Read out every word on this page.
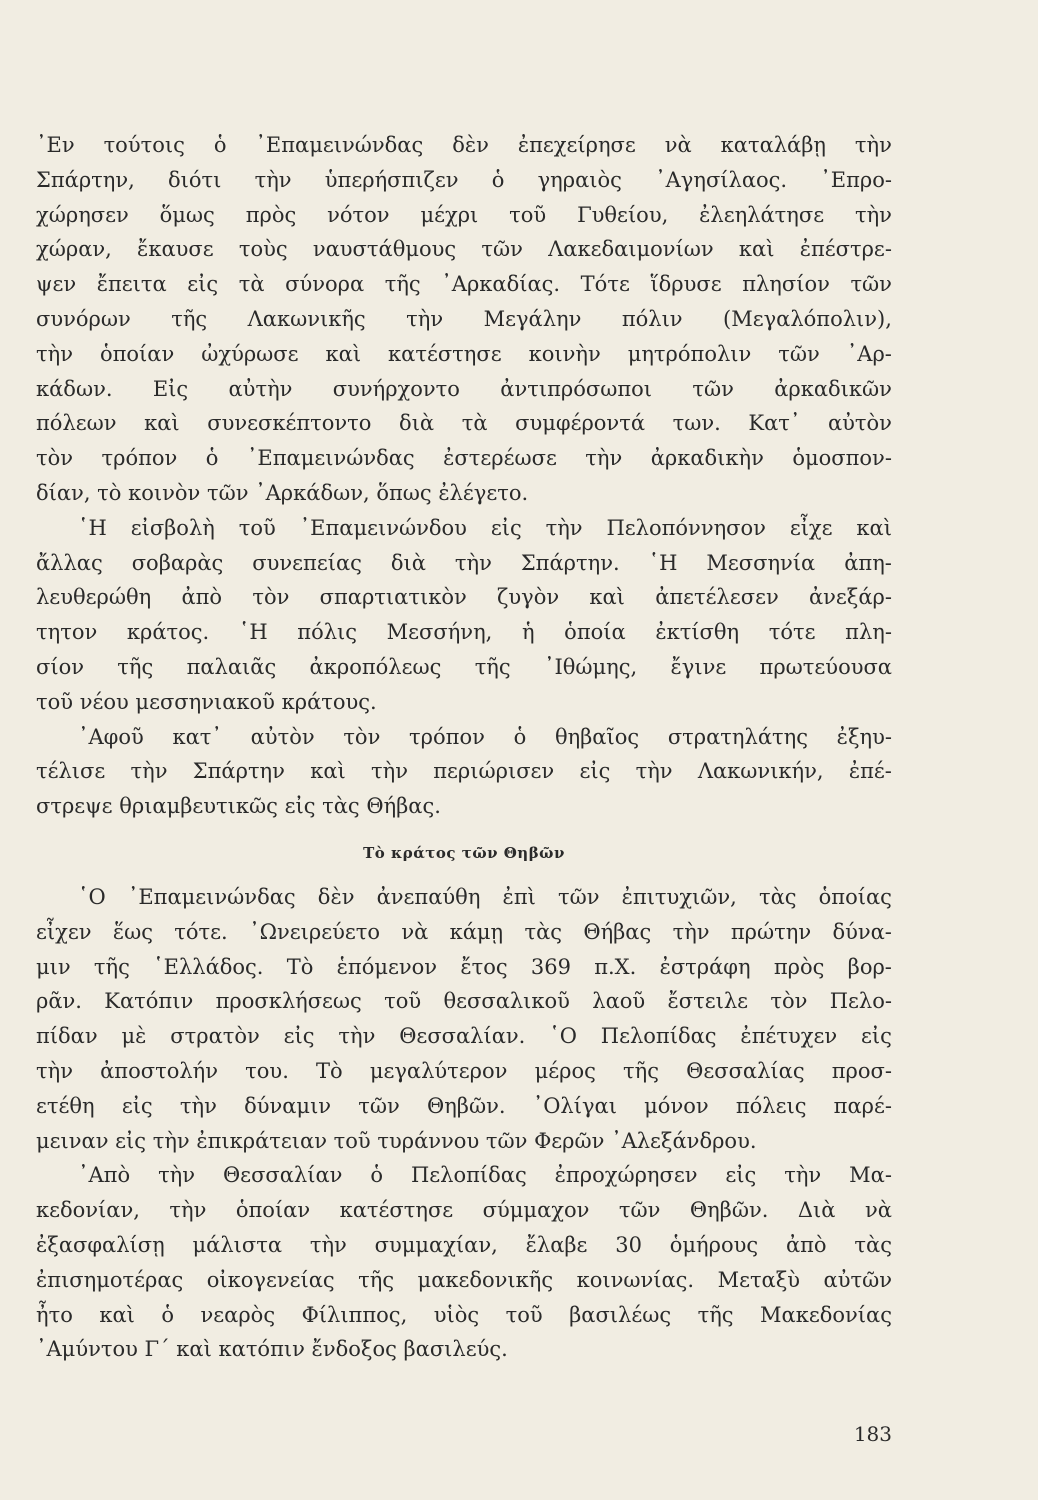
᾿Εν τούτοις ὁ ᾿Επαμεινώνδας δὲν ἐπεχείρησε νὰ καταλάβῃ τὴν
Σπάρτην, διότι τὴν ὑπερήσπιζεν ὁ γηραιὸς ᾿Αγησίλαος. ᾿Επρο-
χώρησεν ὅμως πρὸς νότον μέχρι τοῦ Γυθείου, ἐλεηλάτησε τὴν
χώραν, ἔκαυσε τοὺς ναυστάθμους τῶν Λακεδαιμονίων καὶ ἐπέστρε-
ψεν ἔπειτα εἰς τὰ σύνορα τῆς ᾿Αρκαδίας. Τότε ἵδρυσε πλησίον τῶν
συνόρων τῆς Λακωνικῆς τὴν Μεγάλην πόλιν (Μεγαλόπολιν),
τὴν ὁποίαν ὠχύρωσε καὶ κατέστησε κοινὴν μητρόπολιν τῶν ᾿Αρ-
κάδων. Εἰς αὐτὴν συνήρχοντο ἀντιπρόσωποι τῶν ἀρκαδικῶν
πόλεων καὶ συνεσκέπτοντο διὰ τὰ συμφέροντά των. Κατ᾿ αὐτὸν
τὸν τρόπον ὁ ᾿Επαμεινώνδας ἐστερέωσε τὴν ἀρκαδικὴν ὁμοσπον-
δίαν, τὸ κοινὸν τῶν ᾿Αρκάδων, ὅπως ἐλέγετο.
῾Η εἰσβολὴ τοῦ ᾿Επαμεινώνδου εἰς τὴν Πελοπόννησον εἶχε καὶ
ἄλλας σοβαρὰς συνεπείας διὰ τὴν Σπάρτην. ῾Η Μεσσηνία ἀπη-
λευθερώθη ἀπὸ τὸν σπαρτιατικὸν ζυγὸν καὶ ἀπετέλεσεν ἀνεξάρ-
τητον κράτος. ῾Η πόλις Μεσσήνη, ἡ ὁποία ἐκτίσθη τότε πλη-
σίον τῆς παλαιᾶς ἀκροπόλεως τῆς ᾿Ιθώμης, ἔγινε πρωτεύουσα
τοῦ νέου μεσσηνιακοῦ κράτους.
᾿Αφοῦ κατ᾿ αὐτὸν τὸν τρόπον ὁ θηβαῖος στρατηλάτης ἐξηυ-
τέλισε τὴν Σπάρτην καὶ τὴν περιώρισεν εἰς τὴν Λακωνικήν, ἐπέ-
στρεψε θριαμβευτικῶς εἰς τὰς Θήβας.
Τὸ κράτος τῶν Θηβῶν
῾Ο ᾿Επαμεινώνδας δὲν ἀνεπαύθη ἐπὶ τῶν ἐπιτυχιῶν, τὰς ὁποίας
εἶχεν ἕως τότε. ᾿Ωνειρεύετο νὰ κάμῃ τὰς Θήβας τὴν πρώτην δύνα-
μιν τῆς ῾Ελλάδος. Τὸ ἑπόμενον ἔτος 369 π.Χ. ἐστράφη πρὸς βορ-
ρᾶν. Κατόπιν προσκλήσεως τοῦ θεσσαλικοῦ λαοῦ ἔστειλε τὸν Πελο-
πίδαν μὲ στρατὸν εἰς τὴν Θεσσαλίαν. ῾Ο Πελοπίδας ἐπέτυχεν εἰς
τὴν ἀποστολήν του. Τὸ μεγαλύτερον μέρος τῆς Θεσσαλίας προσ-
ετέθη εἰς τὴν δύναμιν τῶν Θηβῶν. ᾿Ολίγαι μόνον πόλεις παρέ-
μειναν εἰς τὴν ἐπικράτειαν τοῦ τυράννου τῶν Φερῶν ᾿Αλεξάνδρου.
᾿Απὸ τὴν Θεσσαλίαν ὁ Πελοπίδας ἐπροχώρησεν εἰς τὴν Μα-
κεδονίαν, τὴν ὁποίαν κατέστησε σύμμαχον τῶν Θηβῶν. Διὰ νὰ
ἐξασφαλίσῃ μάλιστα τὴν συμμαχίαν, ἔλαβε 30 ὁμήρους ἀπὸ τὰς
ἐπισημοτέρας οἰκογενείας τῆς μακεδονικῆς κοινωνίας. Μεταξὺ αὐτῶν
ἦτο καὶ ὁ νεαρὸς Φίλιππος, υἱὸς τοῦ βασιλέως τῆς Μακεδονίας
᾿Αμύντου Γ΄ καὶ κατόπιν ἔνδοξος βασιλεύς.
183
